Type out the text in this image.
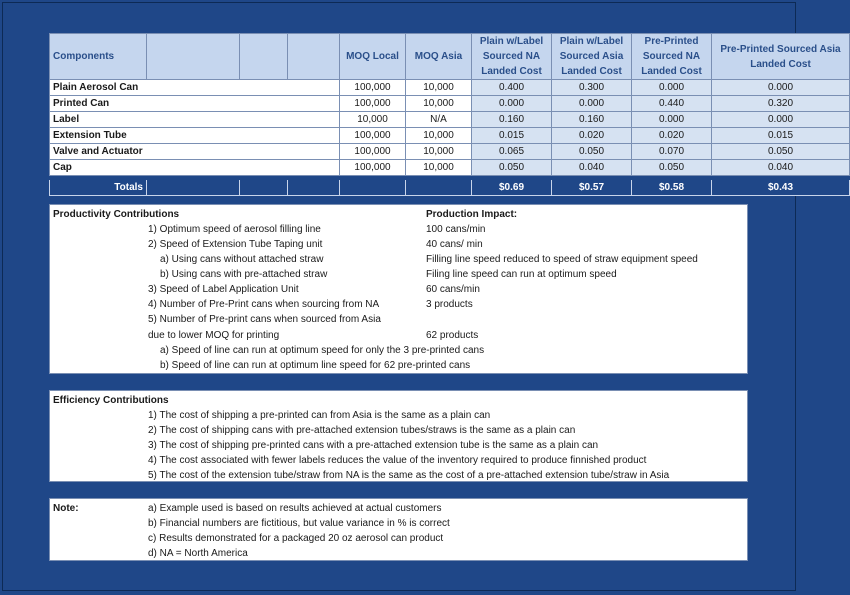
Components				MOQ Local	MOQ Asia	Plain w/Label Sourced NA Landed Cost	Plain w/Label Sourced Asia Landed Cost	Pre-Printed Sourced NA Landed Cost	Pre-Printed Sourced Asia Landed Cost
Plain Aerosol Can				100,000	10,000	0.400	0.300	0.000	0.000
Printed Can				100,000	10,000	0.000	0.000	0.440	0.320
Label				10,000	N/A	0.160	0.160	0.000	0.000
Extension Tube				100,000	10,000	0.015	0.020	0.020	0.015
Valve and Actuator				100,000	10,000	0.065	0.050	0.070	0.050
Cap				100,000	10,000	0.050	0.040	0.050	0.040

Totals						$0.69	$0.57	$0.58	$0.43
Productivity Contributions	Production Impact:
1) Optimum speed of aerosol filling line	100 cans/min
2) Speed of Extension Tube Taping unit	40 cans/ min
a) Using cans without attached straw	Filling line speed reduced to speed of straw equipment speed
b) Using cans with pre-attached straw	Filing line speed can run at optimum speed
3) Speed of Label Application Unit	60 cans/min
4) Number of Pre-Print cans when sourcing from NA	3 products
5) Number of Pre-print cans when sourced from Asia
due to lower MOQ for printing	62 products
a) Speed of line can run at optimum speed for only the 3 pre-printed cans
b) Speed of line can run at optimum line speed for 62 pre-printed cans
Efficiency Contributions
1) The cost of shipping a pre-printed can from Asia is the same as a plain can
2) The cost of shipping cans with pre-attached extension tubes/straws is the same as a plain can
3) The cost of shipping pre-printed cans with a pre-attached extension tube is the same as a plain can
4) The cost associated with fewer labels reduces the value of the inventory required to produce finnished product
5) The cost of the extension tube/straw from NA is the same as the cost of a pre-attached extension tube/straw in Asia
Note:	a) Example used is based on results achieved at actual customers
b) Financial numbers are fictitious, but value variance in % is correct
c) Results demonstrated for a packaged 20 oz aerosol can product
d) NA = North America
